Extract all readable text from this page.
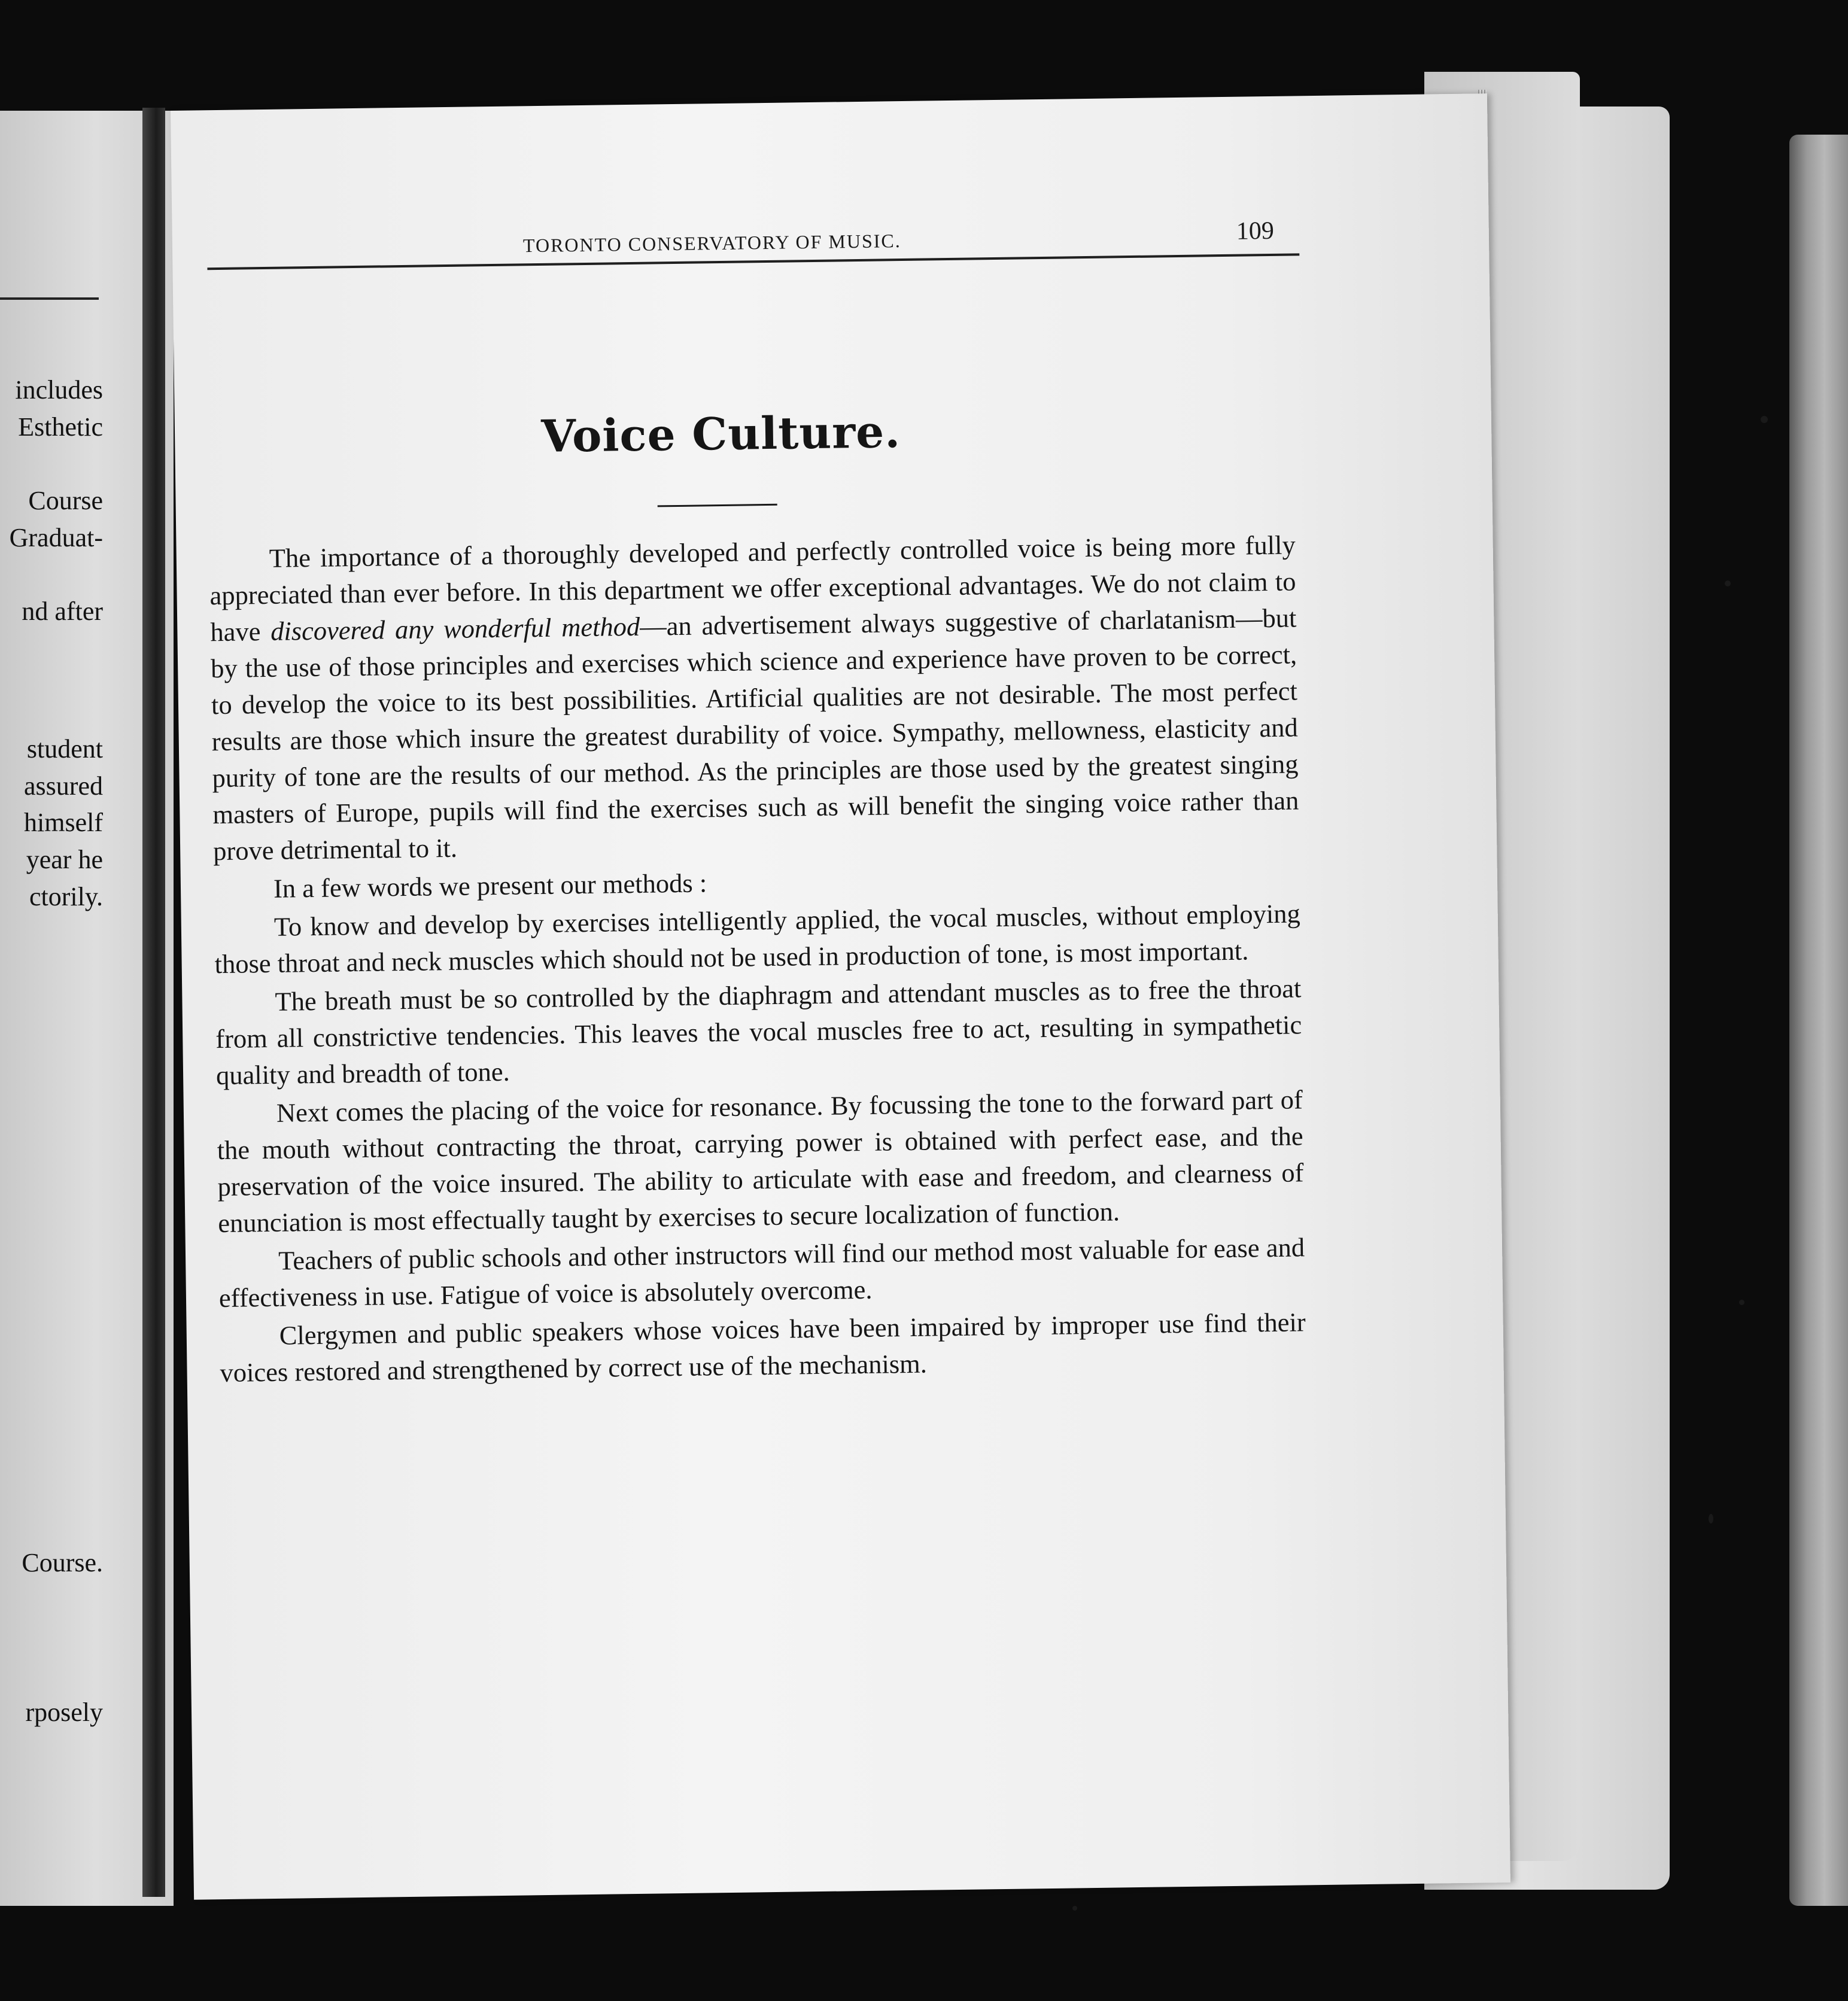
includes
Esthetic
Course
Graduat-
nd after
student
assured
himself
year he
ctorily.
Course.
rposely
TORONTO CONSERVATORY OF MUSIC.	109
Voice Culture.

The importance of a thoroughly developed and perfectly controlled voice is being more fully appreciated than ever before. In this department we offer exceptional advantages. We do not claim to have discovered any wonderful method—an advertisement always suggestive of charlatanism—but by the use of those principles and exercises which science and experience have proven to be correct, to develop the voice to its best possibilities. Artificial qualities are not desirable. The most perfect results are those which insure the greatest durability of voice. Sympathy, mellowness, elasticity and purity of tone are the results of our method. As the principles are those used by the greatest singing masters of Europe, pupils will find the exercises such as will benefit the singing voice rather than prove detrimental to it.

In a few words we present our methods :

To know and develop by exercises intelligently applied, the vocal muscles, without employing those throat and neck muscles which should not be used in production of tone, is most important.

The breath must be so controlled by the diaphragm and attendant muscles as to free the throat from all constrictive tendencies. This leaves the vocal muscles free to act, resulting in sympathetic quality and breadth of tone.

Next comes the placing of the voice for resonance. By focussing the tone to the forward part of the mouth without contracting the throat, carrying power is obtained with perfect ease, and the preservation of the voice insured. The ability to articulate with ease and freedom, and clearness of enunciation is most effectually taught by exercises to secure localization of function.

Teachers of public schools and other instructors will find our method most valuable for ease and effectiveness in use. Fatigue of voice is absolutely overcome.

Clergymen and public speakers whose voices have been impaired by improper use find their voices restored and strengthened by correct use of the mechanism.
